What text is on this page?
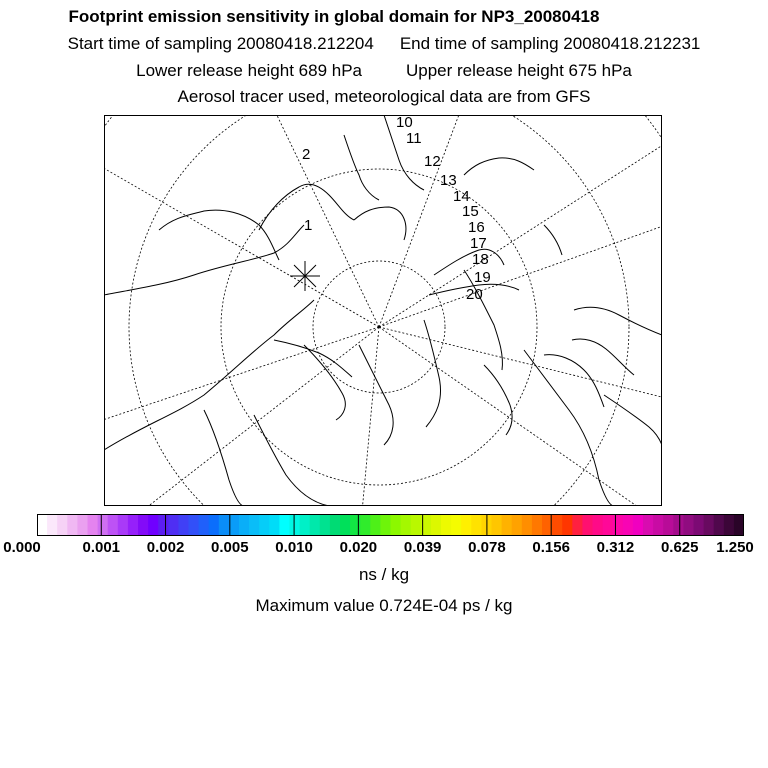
Footprint emission sensitivity in global domain for NP3_20080418
Start time of sampling 20080418.212204 End time of sampling 20080418.212231
Lower release height 689 hPa	Upper release height 675 hPa
Aerosol tracer used, meteorological data are from GFS
1
2
10
11
12
13
14
15
16
17
18
19
20
0.000	0.001 0.002 0.005 0.010 0.020 0.039 0.078 0.156 0.312 0.625 1.250
ns / kg
Maximum value 0.724E-04 ps / kg
